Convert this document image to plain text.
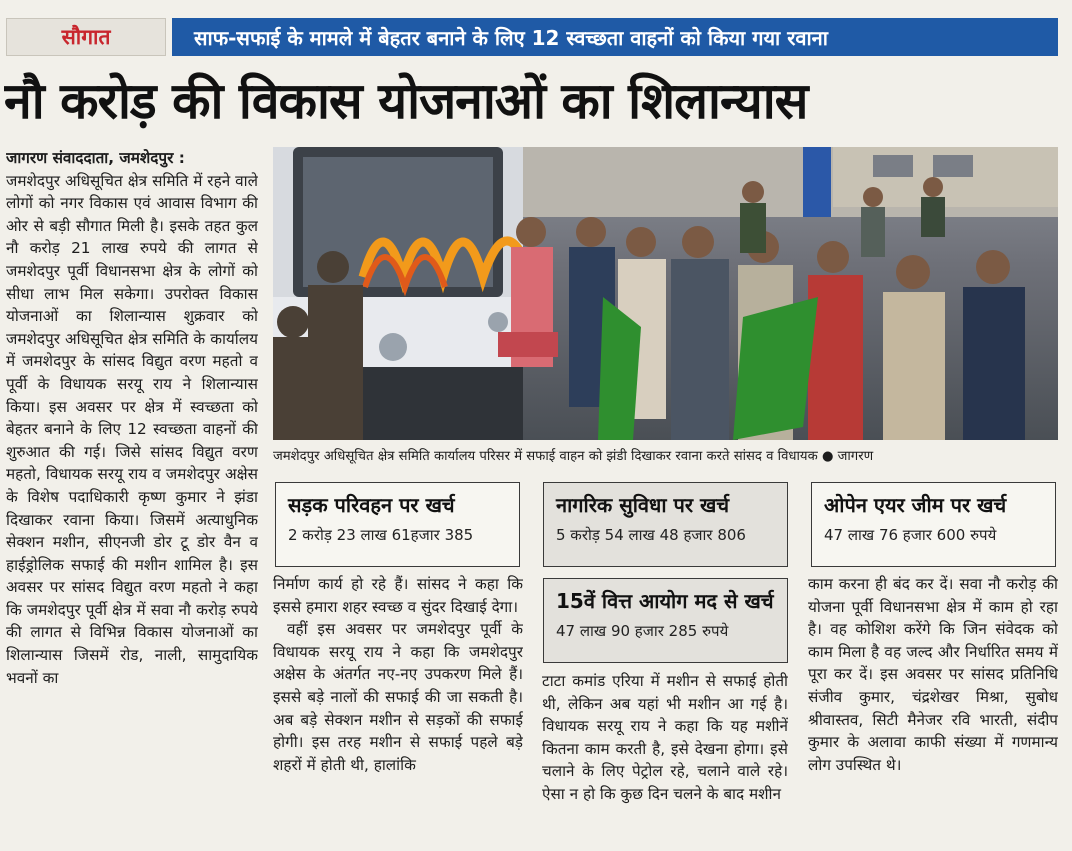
सौगात	साफ-सफाई के मामले में बेहतर बनाने के लिए 12 स्वच्छता वाहनों को किया गया रवाना
नौ करोड़ की विकास योजनाओं का शिलान्यास
जागरण संवाददाता, जमशेदपुर :
जमशेदपुर अधिसूचित क्षेत्र समिति में रहने वाले लोगों को नगर विकास एवं आवास विभाग की ओर से बड़ी सौगात मिली है। इसके तहत कुल नौ करोड़ 21 लाख रुपये की लागत से जमशेदपुर पूर्वी विधानसभा क्षेत्र के लोगों को सीधा लाभ मिल सकेगा। उपरोक्त विकास योजनाओं का शिलान्यास शुक्रवार को जमशेदपुर अधिसूचित क्षेत्र समिति के कार्यालय में जमशेदपुर के सांसद विद्युत वरण महतो व पूर्वी के विधायक सरयू राय ने शिलान्यास किया। इस अवसर पर क्षेत्र में स्वच्छता को बेहतर बनाने के लिए 12 स्वच्छता वाहनों की शुरुआत की गई। जिसे सांसद विद्युत वरण महतो, विधायक सरयू राय व जमशेदपुर अक्षेस के विशेष पदाधिकारी कृष्ण कुमार ने झंडा दिखाकर रवाना किया। जिसमें अत्याधुनिक सेक्शन मशीन, सीएनजी डोर टू डोर वैन व हाईड्रोलिक सफाई की मशीन शामिल है। इस अवसर पर सांसद विद्युत वरण महतो ने कहा कि जमशेदपुर पूर्वी क्षेत्र में सवा नौ करोड़ रुपये की लागत से विभिन्न विकास योजनाओं का शिलान्यास जिसमें रोड, नाली, सामुदायिक भवनों का
जमशेदपुर अधिसूचित क्षेत्र समिति कार्यालय परिसर में सफाई वाहन को झंडी दिखाकर रवाना करते सांसद व विधायक ● जागरण
सड़क परिवहन पर खर्च
2 करोड़ 23 लाख 61हजार 385
नागरिक सुविधा पर खर्च
5 करोड़ 54 लाख 48 हजार 806
ओपेन एयर जीम पर खर्च
47 लाख 76 हजार 600 रुपये
15वें वित्त आयोग मद से खर्च
47 लाख 90 हजार 285 रुपये

निर्माण कार्य हो रहे हैं। सांसद ने कहा कि इससे हमारा शहर स्वच्छ व सुंदर दिखाई देगा।

वहीं इस अवसर पर जमशेदपुर पूर्वी के विधायक सरयू राय ने कहा कि जमशेदपुर अक्षेस के अंतर्गत नए-नए उपकरण मिले हैं। इससे बड़े नालों की सफाई की जा सकती है। अब बड़े सेक्शन मशीन से सड़कों की सफाई होगी। इस तरह मशीन से सफाई पहले बड़े शहरों में होती थी, हालांकि

टाटा कमांड एरिया में मशीन से सफाई होती थी, लेकिन अब यहां भी मशीन आ गई है। विधायक सरयू राय ने कहा कि यह मशीनें कितना काम करती है, इसे देखना होगा। इसे चलाने के लिए पेट्रोल रहे, चलाने वाले रहे। ऐसा न हो कि कुछ दिन चलने के बाद मशीन

काम करना ही बंद कर दें। सवा नौ करोड़ की योजना पूर्वी विधानसभा क्षेत्र में काम हो रहा है। वह कोशिश करेंगे कि जिन संवेदक को काम मिला है वह जल्द और निर्धारित समय में पूरा कर दें। इस अवसर पर सांसद प्रतिनिधि संजीव कुमार, चंद्रशेखर मिश्रा, सुबोध श्रीवास्तव, सिटी मैनेजर रवि भारती, संदीप कुमार के अलावा काफी संख्या में गणमान्य लोग उपस्थित थे।
